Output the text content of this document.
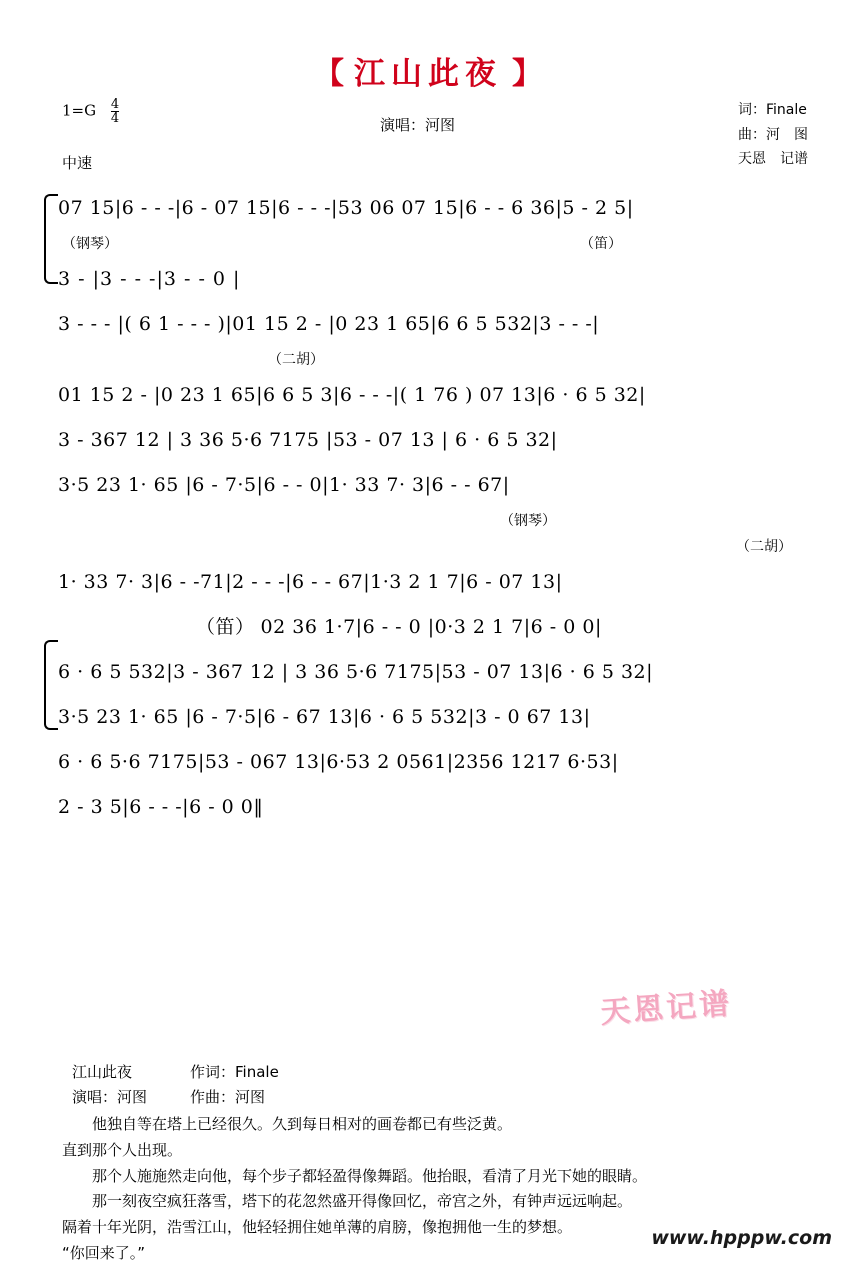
【 江山此夜 】
$1=G \frac{4}{4}$
中速
演唱：河图
词：Finale
曲：河　图
天恩　记谱
07 15|6 - - -|6 - 07 15|6 - - -|53 06 07 15|6 - - 6 36|5 - 2 5|
（钢琴）	（笛）
3 - |3 - - -|3 - - 0 |
3 - - - |( 6 1 - - - )|01 15 2 - |0 23 1 65|6 6 5 532|3 - - -|
（二胡）
01 15 2 - |0 23 1 65|6 6 5 3|6 - - -|( 1 76 ) 07 13|6 · 6 5 32|
3 - 367 12 | 3 36 5·6 7175 |53 - 07 13 | 6 · 6 5 32|
3·5 23 1· 65 |6 - 7·5|6 - - 0|1· 33 7· 3|6 - - 67|
（钢琴）
（二胡）
1· 33 7· 3|6 - -71|2 - - -|6 - - 67|1·3 2 1 7|6 - 07 13|
（笛） 02 36 1·7|6 - - 0 |0·3 2 1 7|6 - 0 0|
6 · 6 5 532|3 - 367 12 | 3 36 5·6 7175|53 - 07 13|6 · 6 5 32|
3·5 23 1· 65 |6 - 7·5|6 - 67 13|6 · 6 5 532|3 - 0 67 13|
6 · 6 5·6 7175|53 - 067 13|6·53 2 0561|2356 1217 6·53|
2 - 3 5|6 - - -|6 - 0 0‖
天恩记谱
江山此夜	作词：Finale
演唱：河图	作曲：河图

他独自等在塔上已经很久。久到每日相对的画卷都已有些泛黄。

直到那个人出现。

那个人施施然走向他，每个步子都轻盈得像舞蹈。他抬眼，看清了月光下她的眼睛。

那一刻夜空疯狂落雪，塔下的花忽然盛开得像回忆，帝宫之外，有钟声远远响起。

隔着十年光阴，浩雪江山，他轻轻拥住她单薄的肩膀，像抱拥他一生的梦想。

“你回来了。”

www.hpppw.com
